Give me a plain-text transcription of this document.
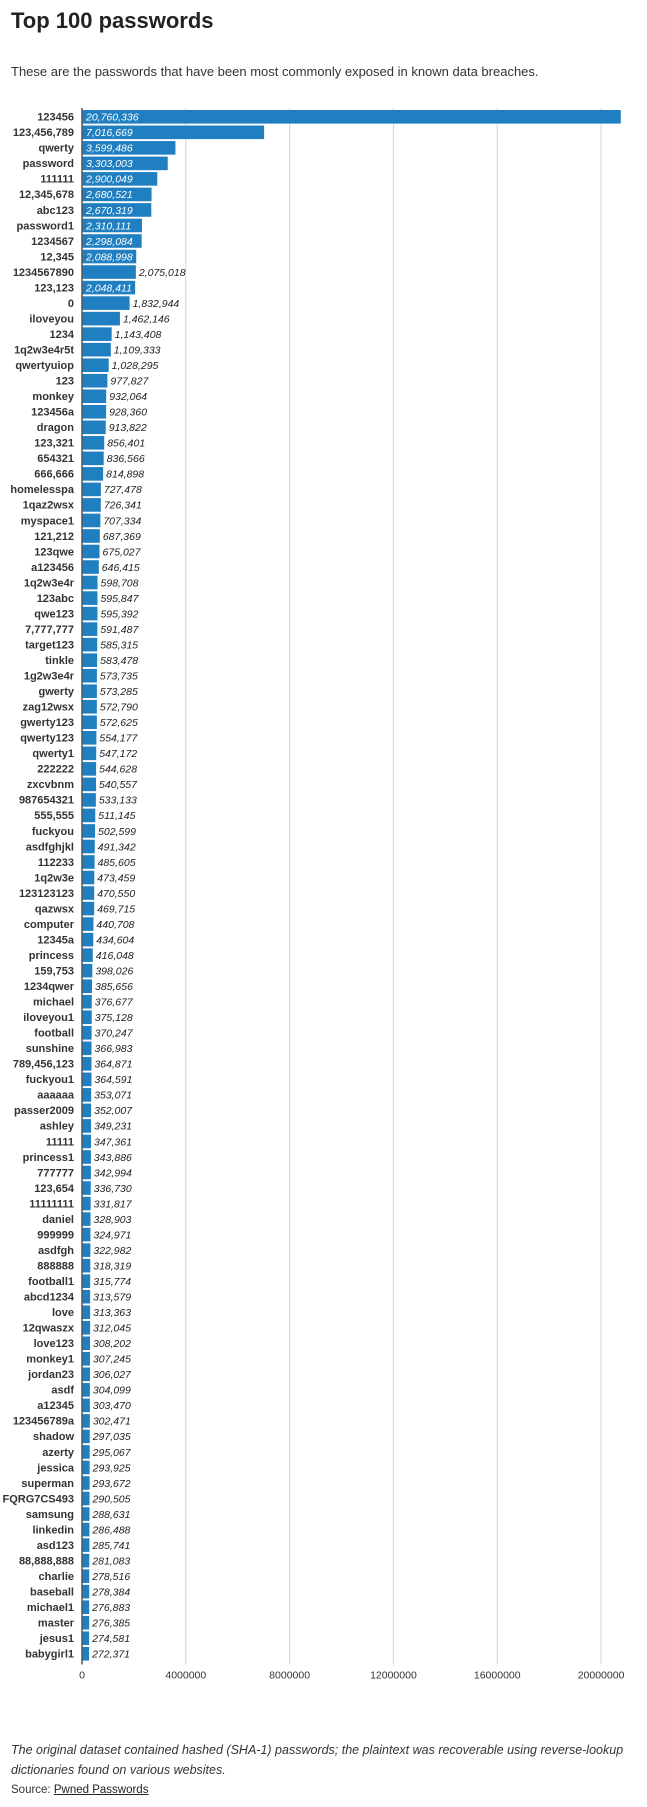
Top 100 passwords

These are the passwords that have been most commonly exposed in known data breaches.

123456
123,456,789
qwerty
password
111111
12,345,678
abc123
password1
1234567
12,345
1234567890
123,123
0
iloveyou
1234
1q2w3e4r5t
qwertyuiop
123
monkey
123456a
dragon
123,321
654321
666,666
homelesspa
1qaz2wsx
myspace1
121,212
123qwe
a123456
1q2w3e4r
123abc
qwe123
7,777,777
target123
tinkle
1g2w3e4r
gwerty
zag12wsx
gwerty123
qwerty123
qwerty1
222222
zxcvbnm
987654321
555,555
fuckyou
asdfghjkl
112233
1q2w3e
123123123
qazwsx
computer
12345a
princess
159,753
1234qwer
michael
iloveyou1
football
sunshine
789,456,123
fuckyou1
aaaaaa
passer2009
ashley
11111
princess1
777777
123,654
11111111
daniel
999999
asdfgh
888888
football1
abcd1234
love
12qwaszx
love123
monkey1
jordan23
asdf
a12345
123456789a
shadow
azerty
jessica
superman
FQRG7CS493
samsung
linkedin
asd123
88,888,888
charlie
baseball
michael1
master
jesus1
babygirl1
20,760,336
7,016,669
3,599,486
3,303,003
2,900,049
2,680,521
2,670,319
2,310,111
2,298,084
2,088,998
2,075,018
2,048,411
1,832,944
1,462,146
1,143,408
1,109,333
1,028,295
977,827
932,064
928,360
913,822
856,401
836,566
814,898
727,478
726,341
707,334
687,369
675,027
646,415
598,708
595,847
595,392
591,487
585,315
583,478
573,735
573,285
572,790
572,625
554,177
547,172
544,628
540,557
533,133
511,145
502,599
491,342
485,605
473,459
470,550
469,715
440,708
434,604
416,048
398,026
385,656
376,677
375,128
370,247
366,983
364,871
364,591
353,071
352,007
349,231
347,361
343,886
342,994
336,730
331,817
328,903
324,971
322,982
318,319
315,774
313,579
313,363
312,045
308,202
307,245
306,027
304,099
303,470
302,471
297,035
295,067
293,925
293,672
290,505
288,631
286,488
285,741
281,083
278,516
278,384
276,883
276,385
274,581
272,371
0	4000000	8000000	12000000	16000000	20000000

The original dataset contained hashed (SHA-1) passwords; the plaintext was recoverable using reverse-lookup dictionaries found on various websites.

Source: Pwned Passwords
